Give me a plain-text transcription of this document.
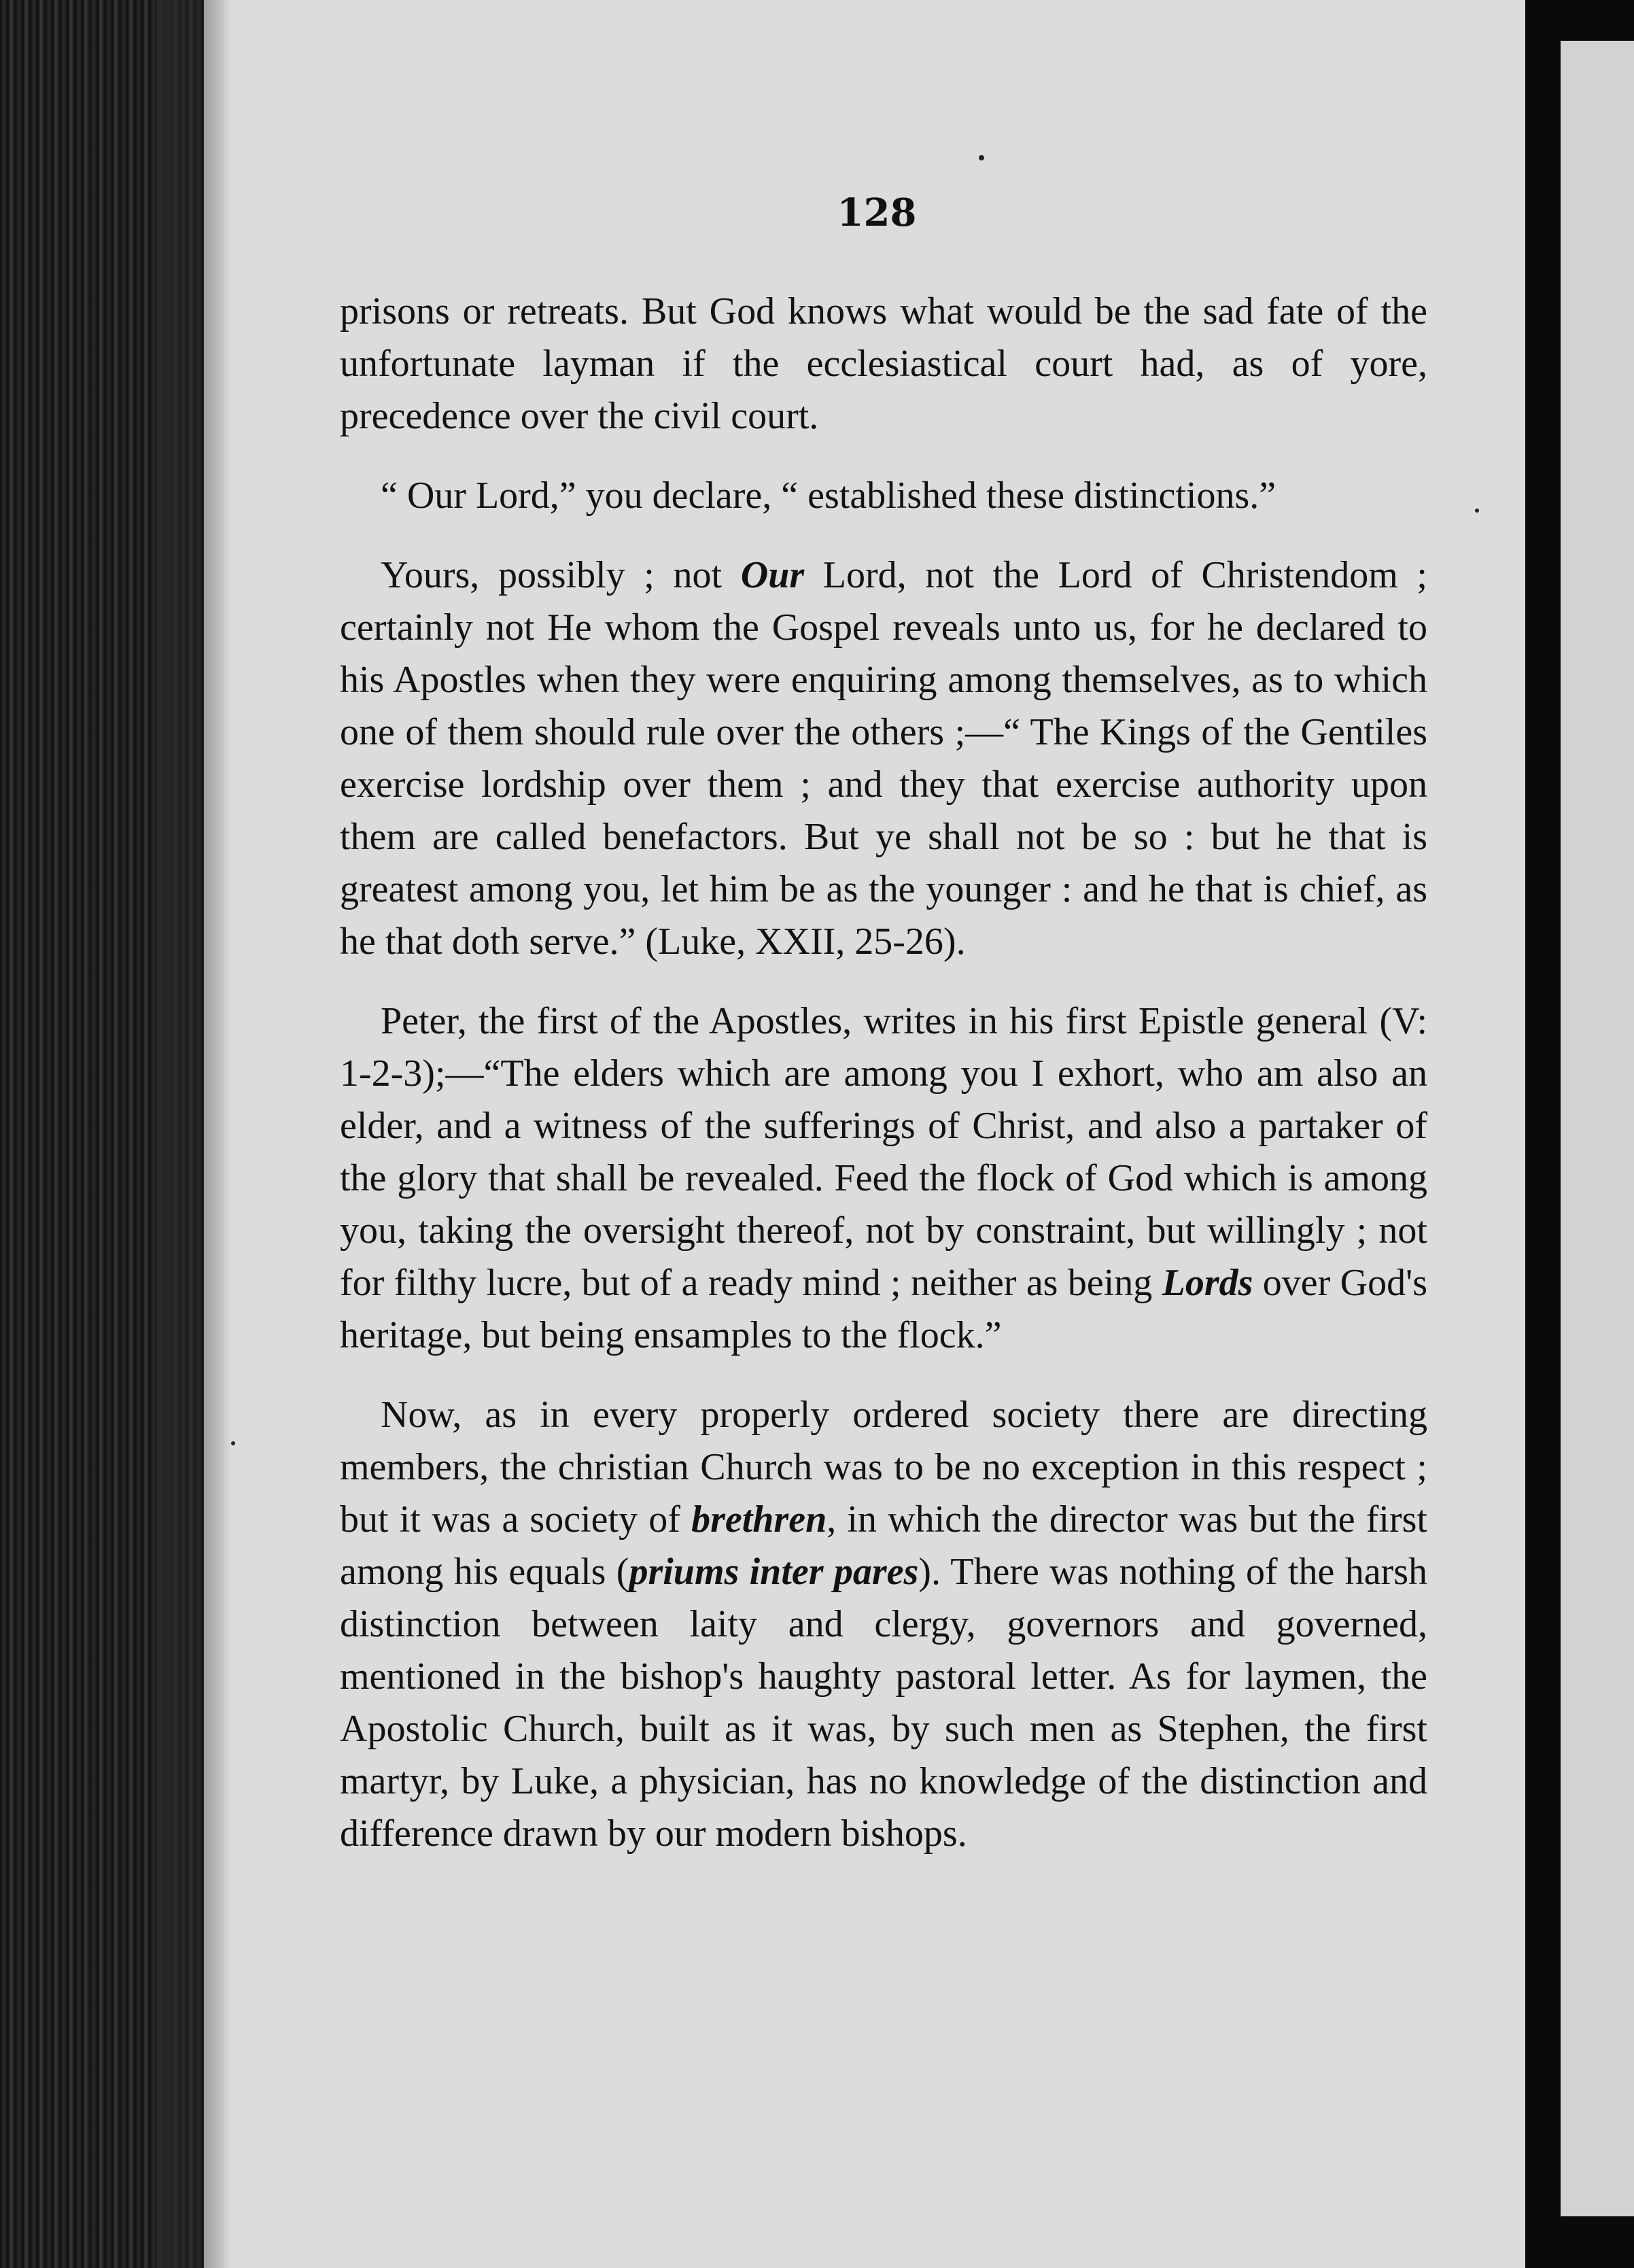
128

prisons or retreats. But God knows what would be the sad fate of the unfortunate layman if the ecclesiastical court had, as of yore, precedence over the civil court.

“ Our Lord,” you declare, “ established these distinctions.”

Yours, possibly ; not Our Lord, not the Lord of Christendom ; certainly not He whom the Gospel reveals unto us, for he declared to his Apostles when they were enquiring among themselves, as to which one of them should rule over the others ;—“ The Kings of the Gentiles exercise lordship over them ; and they that exercise authority upon them are called benefactors. But ye shall not be so : but he that is greatest among you, let him be as the younger : and he that is chief, as he that doth serve.” (Luke, XXII, 25-26).

Peter, the first of the Apostles, writes in his first Epistle general (V: 1-2-3);—“The elders which are among you I exhort, who am also an elder, and a witness of the sufferings of Christ, and also a partaker of the glory that shall be revealed. Feed the flock of God which is among you, taking the oversight thereof, not by constraint, but willingly ; not for filthy lucre, but of a ready mind ; neither as being Lords over God's heritage, but being ensamples to the flock.”

Now, as in every properly ordered society there are directing members, the christian Church was to be no exception in this respect ; but it was a society of brethren, in which the director was but the first among his equals (priums inter pares). There was nothing of the harsh distinction between laity and clergy, governors and governed, mentioned in the bishop's haughty pastoral letter. As for laymen, the Apostolic Church, built as it was, by such men as Stephen, the first martyr, by Luke, a physician, has no knowledge of the distinction and difference drawn by our modern bishops.
